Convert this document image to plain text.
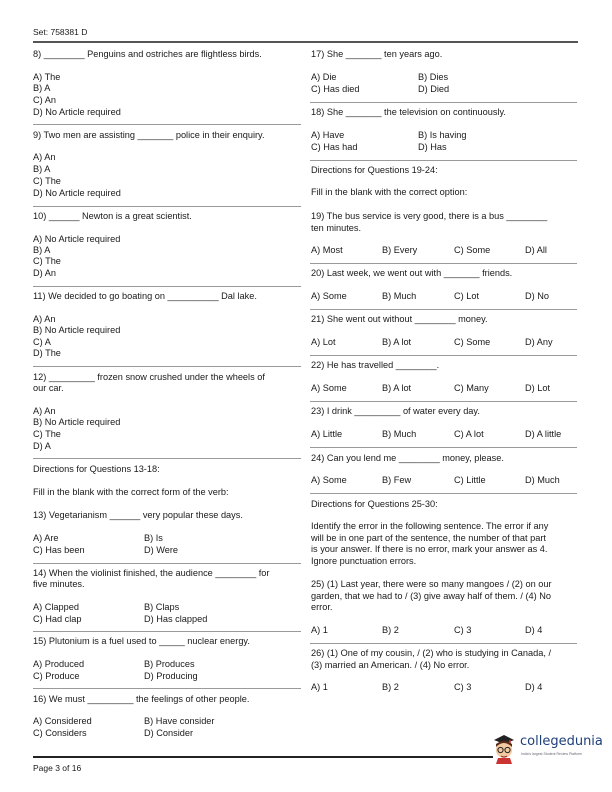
Set: 758381 D
8) ________ Penguins and ostriches are flightless birds.
A) The
B) A
C) An
D) No Article required
9) Two men are assisting _______ police in their enquiry.
A) An
B) A
C) The
D) No Article required
10) ______ Newton is a great scientist.
A) No Article required
B) A
C) The
D) An
11) We decided to go boating on __________ Dal lake.
A) An
B) No Article required
C) A
D) The
12) _________ frozen snow crushed under the wheels of
our car.
A) An
B) No Article required
C) The
D) A
Directions for Questions 13-18:
Fill in the blank with the correct form of the verb:
13) Vegetarianism ______ very popular these days.
A) Are	B) Is
C) Has been	D) Were
14) When the violinist finished, the audience ________ for
five minutes.
A) Clapped	B) Claps
C) Had clap	D) Has clapped
15) Plutonium is a fuel used to _____ nuclear energy.
A) Produced	B) Produces
C) Produce	D) Producing
16) We must _________ the feelings of other people.
A) Considered	B) Have consider
C) Considers	D) Consider
17) She _______ ten years ago.
A) Die	B) Dies
C) Has died	D) Died
18) She _______ the television on continuously.
A) Have	B) Is having
C) Has had	D) Has
Directions for Questions 19-24:
Fill in the blank with the correct option:
19) The bus service is very good, there is a bus ________
ten minutes.
A) Most	B) Every	C) Some	D) All
20) Last week, we went out with _______ friends.
A) Some	B) Much	C) Lot	D) No
21) She went out without ________ money.
A) Lot	B) A lot	C) Some	D) Any
22) He has travelled ________.
A) Some	B) A lot	C) Many	D) Lot
23) I drink _________ of water every day.
A) Little	B) Much	C) A lot	D) A little
24) Can you lend me ________ money, please.
A) Some	B) Few	C) Little	D) Much
Directions for Questions 25-30:
Identify the error in the following sentence. The error if any
will be in one part of the sentence, the number of that part
is your answer. If there is no error, mark your answer as 4.
Ignore punctuation errors.
25) (1) Last year, there were so many mangoes / (2) on our
garden, that we had to / (3) give away half of them. / (4) No
error.
A) 1	B) 2	C) 3	D) 4
26) (1) One of my cousin, / (2) who is studying in Canada, /
(3) married an American. / (4) No error.
A) 1	B) 2	C) 3	D) 4
Page 3 of 16
collegedunia
India's largest Student Review Platform
